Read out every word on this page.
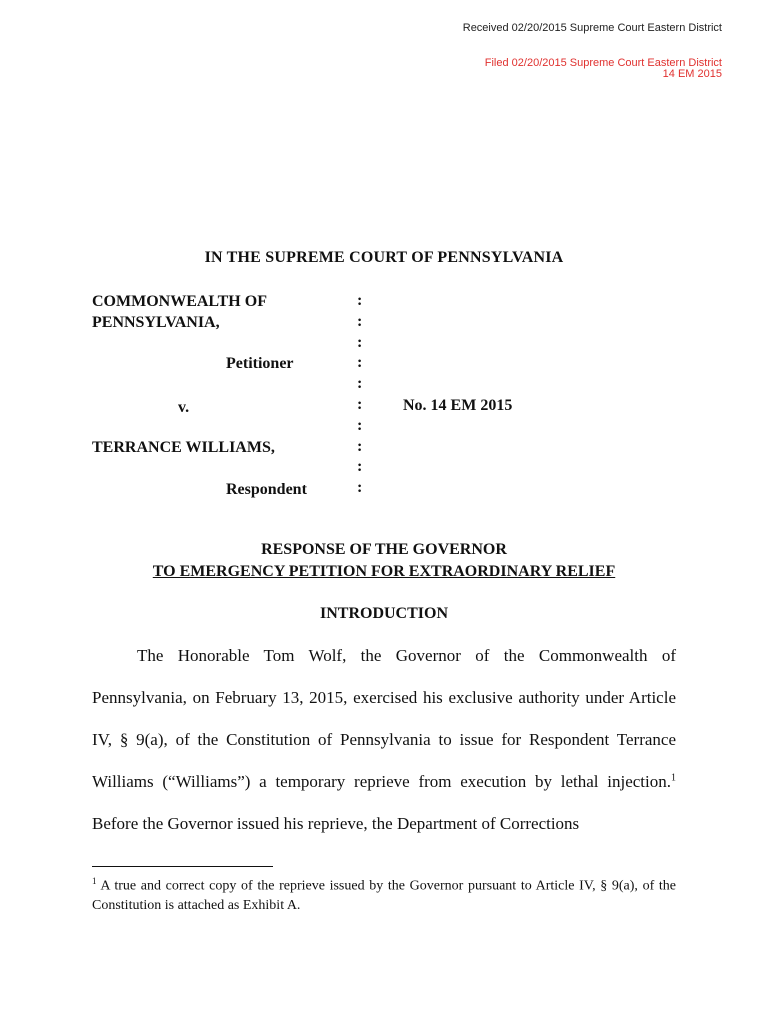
Received 02/20/2015 Supreme Court Eastern District
Filed 02/20/2015 Supreme Court Eastern District
14 EM 2015
IN THE SUPREME COURT OF PENNSYLVANIA
COMMONWEALTH OF
PENNSYLVANIA,
Petitioner
v.
TERRANCE WILLIAMS,
Respondent
:
:
:
:
:
:
:
:
:
:
No. 14 EM 2015
RESPONSE OF THE GOVERNOR
TO EMERGENCY PETITION FOR EXTRAORDINARY RELIEF
INTRODUCTION

The Honorable Tom Wolf, the Governor of the Commonwealth of Pennsylvania, on February 13, 2015, exercised his exclusive authority under Article IV, § 9(a), of the Constitution of Pennsylvania to issue for Respondent Terrance Williams (“Williams”) a temporary reprieve from execution by lethal injection.$^1$ Before the Governor issued his reprieve, the Department of Corrections

$^1$ A true and correct copy of the reprieve issued by the Governor pursuant to Article IV, § 9(a), of the Constitution is attached as Exhibit A.
